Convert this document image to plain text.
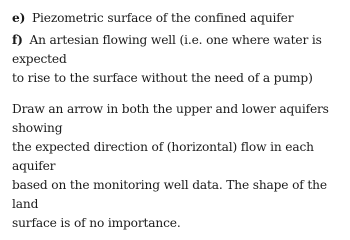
e) Piezometric surface of the confined aquifer

f) An artesian flowing well (i.e. one where water is expected
to rise to the surface without the need of a pump)

Draw an arrow in both the upper and lower aquifers showing
the expected direction of (horizontal) flow in each aquifer
based on the monitoring well data. The shape of the land
surface is of no importance.
